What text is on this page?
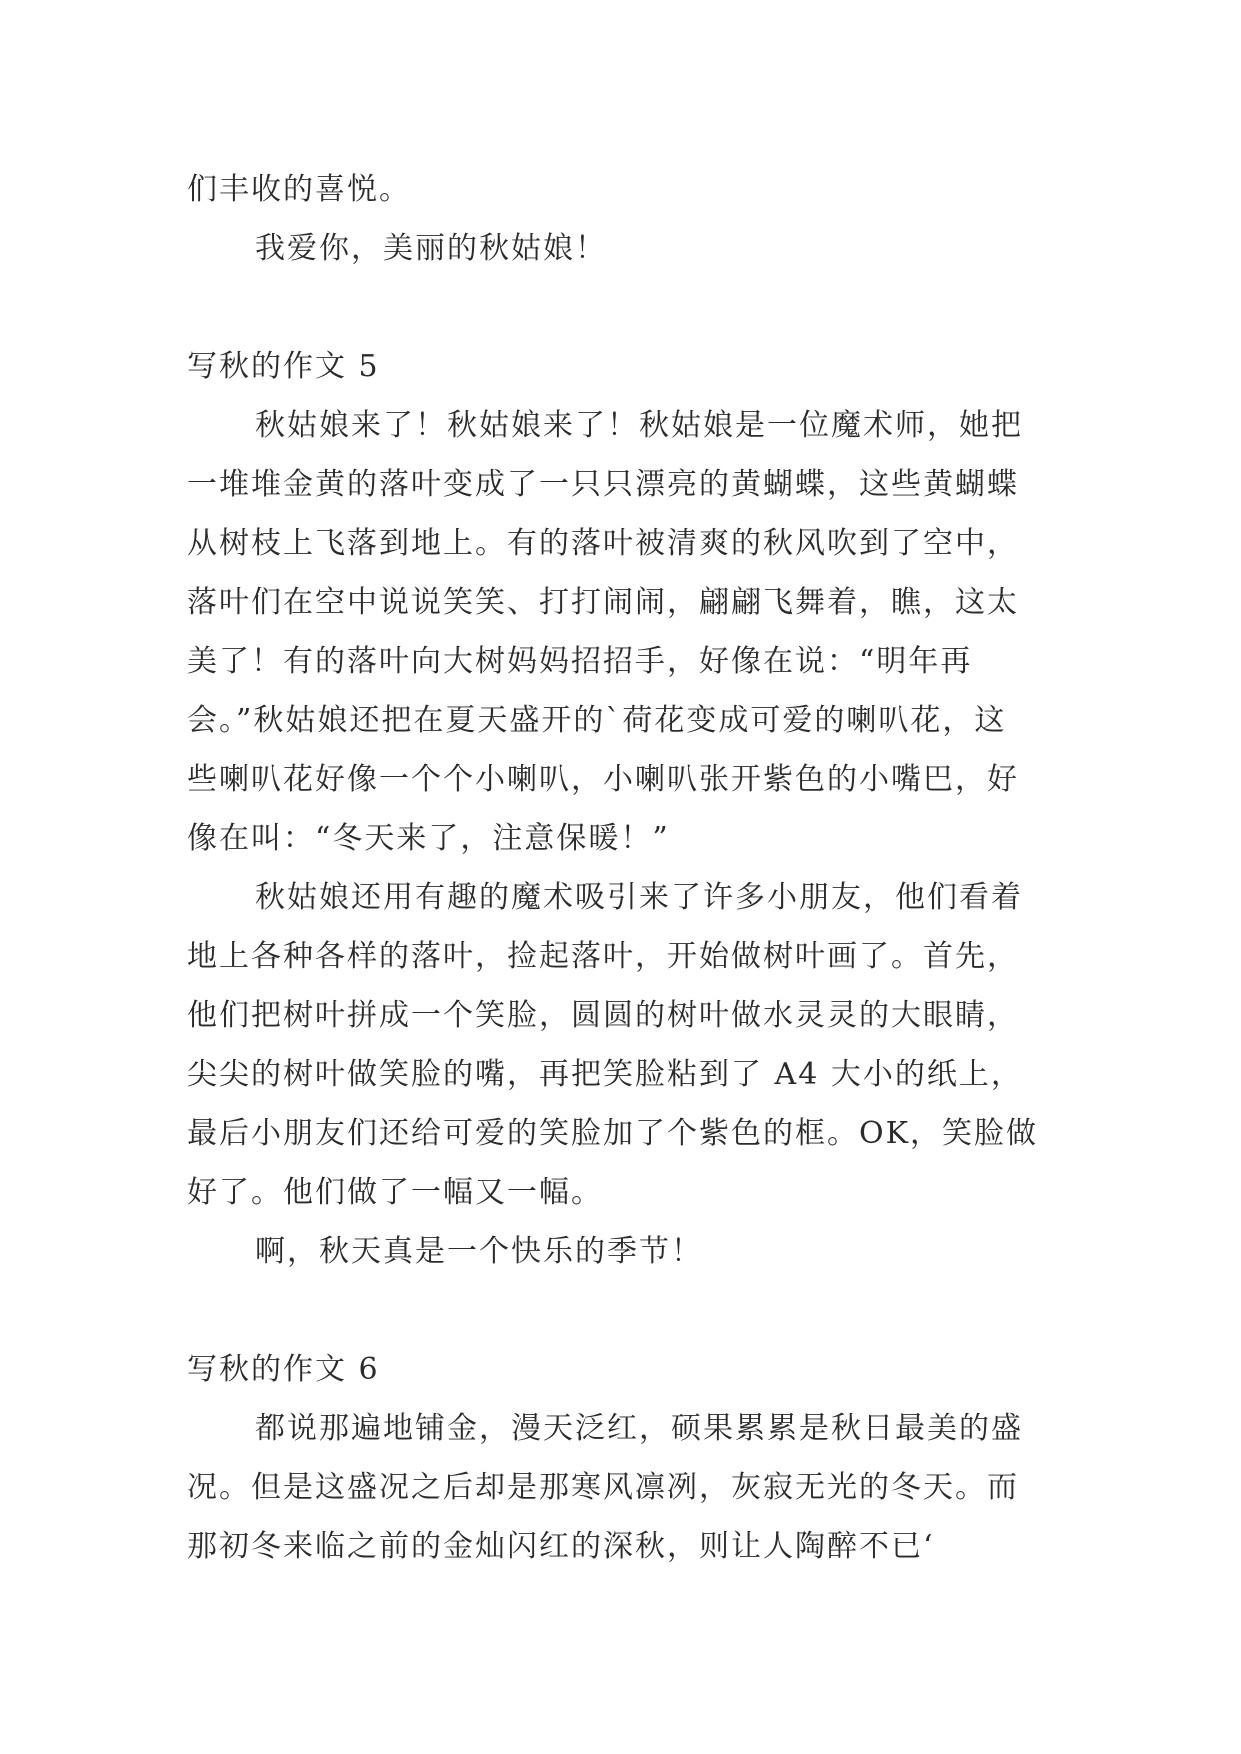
们丰收的喜悦。
我爱你，美丽的秋姑娘！
写秋的作文 5
秋姑娘来了！秋姑娘来了！秋姑娘是一位魔术师，她把
一堆堆金黄的落叶变成了一只只漂亮的黄蝴蝶，这些黄蝴蝶
从树枝上飞落到地上。有的落叶被清爽的秋风吹到了空中，
落叶们在空中说说笑笑、打打闹闹，翩翩飞舞着，瞧，这太
美了！有的落叶向大树妈妈招招手，好像在说：“明年再
会。”秋姑娘还把在夏天盛开的`荷花变成可爱的喇叭花，这
些喇叭花好像一个个小喇叭，小喇叭张开紫色的小嘴巴，好
像在叫：“冬天来了，注意保暖！”
秋姑娘还用有趣的魔术吸引来了许多小朋友，他们看着
地上各种各样的落叶，捡起落叶，开始做树叶画了。首先，
他们把树叶拼成一个笑脸，圆圆的树叶做水灵灵的大眼睛，
尖尖的树叶做笑脸的嘴，再把笑脸粘到了 A4 大小的纸上，
最后小朋友们还给可爱的笑脸加了个紫色的框。OK，笑脸做
好了。他们做了一幅又一幅。
啊，秋天真是一个快乐的季节！
写秋的作文 6
都说那遍地铺金，漫天泛红，硕果累累是秋日最美的盛
况。但是这盛况之后却是那寒风凛冽，灰寂无光的冬天。而
那初冬来临之前的金灿闪红的深秋，则让人陶醉不已‘
